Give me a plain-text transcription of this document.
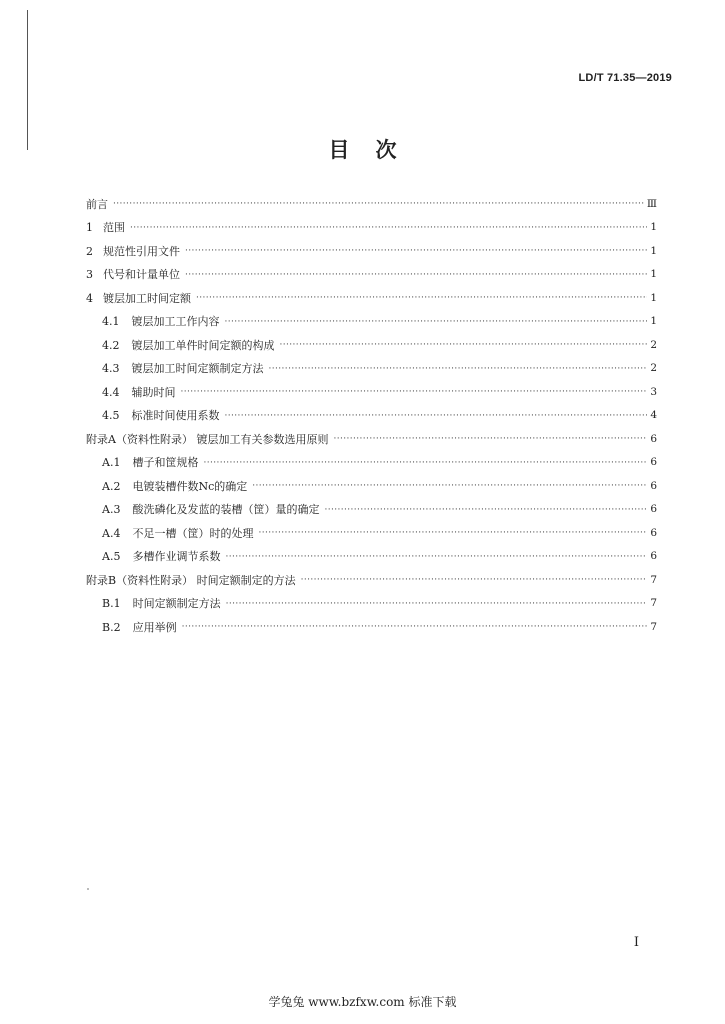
LD/T 71.35—2019
目次
前言 ·····	Ⅲ
1 范围 ·····	1
2 规范性引用文件 ·····	1
3 代号和计量单位 ·····	1
4 镀层加工时间定额 ·····	1
4.1 镀层加工工作内容 ·····	1
4.2 镀层加工单件时间定额的构成 ·····	2
4.3 镀层加工时间定额制定方法 ·····	2
4.4 辅助时间 ·····	3
4.5 标准时间使用系数 ·····	4
附录A（资料性附录） 镀层加工有关参数选用原则 ·····	6
A.1 槽子和筐规格 ·····	6
A.2 电镀装槽件数Nc的确定 ·····	6
A.3 酸洗磷化及发蓝的装槽（筐）量的确定 ·····	6
A.4 不足一槽（筐）时的处理 ·····	6
A.5 多槽作业调节系数 ·····	6
附录B（资料性附录） 时间定额制定的方法 ·····	7
B.1 时间定额制定方法 ·····	7
B.2 应用举例 ·····	7
I
学兔兔 www.bzfxw.com 标准下载
